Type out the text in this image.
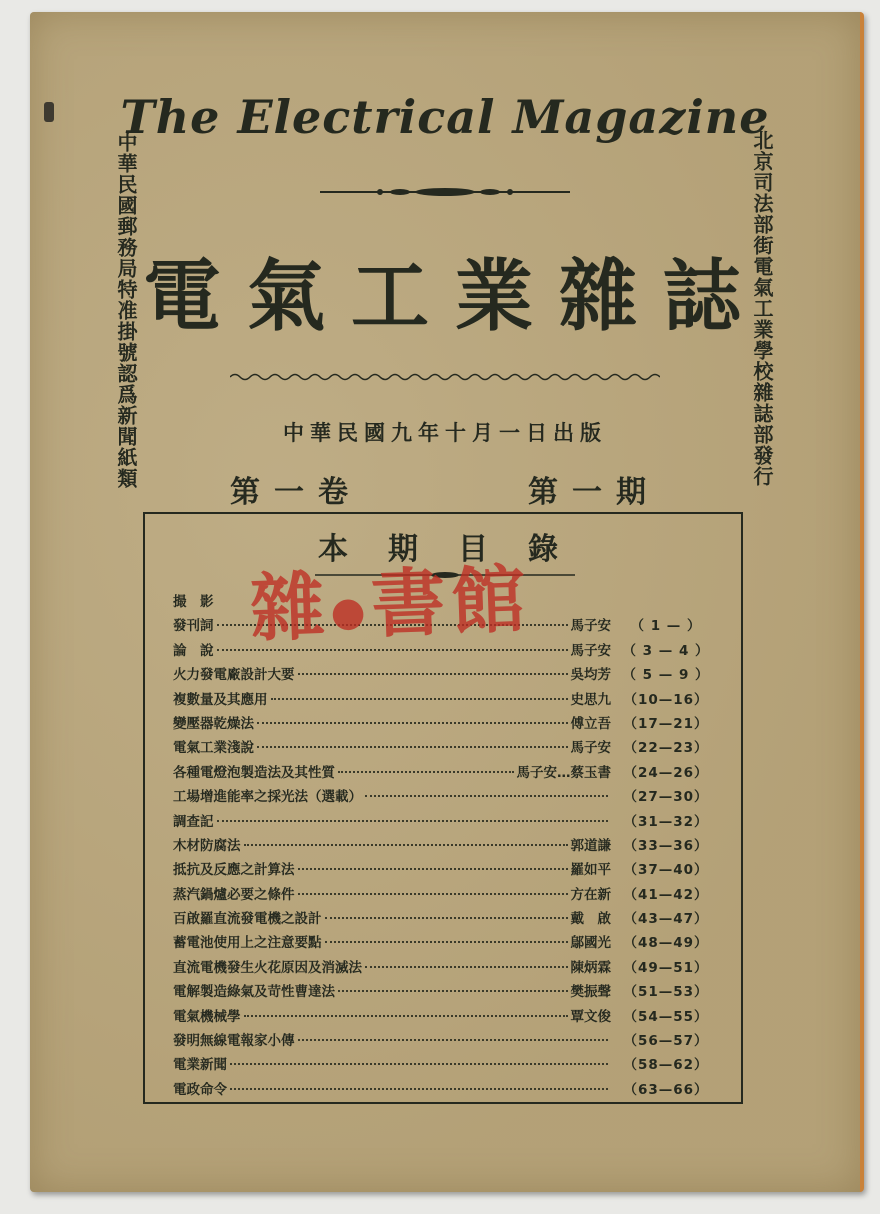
The Electrical Magazine
電氣工業雜誌
中華民國九年十月一日出版
第一卷	第一期
中華民國郵務局特准掛號認爲新聞紙類	北京司法部街電氣工業學校雜誌部發行
本期目錄
撮　影
發刊詞	馬子安	（ 1 — ）
論　說	馬子安 （ 3 — 4 ）
火力發電廠設計大要	吳均芳 （ 5 — 9 ）
複數量及其應用	史思九 （10—16）
變壓器乾燥法	傅立吾 （17—21）
電氣工業淺說	馬子安 （22—23）
各種電燈泡製造法及其性質	馬子安…蔡玉書 （24—26）
工場增進能率之採光法（選載）	（27—30）
調查記	（31—32）
木材防腐法	郭道謙 （33—36）
抵抗及反應之計算法	羅如平 （37—40）
蒸汽鍋爐必要之條件	方在新 （41—42）
百啟羅直流發電機之設計	戴　啟 （43—47）
蓄電池使用上之注意要點	鄔國光 （48—49）
直流電機發生火花原因及消滅法	陳炳霖 （49—51）
電解製造綠氣及苛性曹達法	樊振聲 （51—53）
電氣機械學	覃文俊 （54—55）
發明無線電報家小傳	（56—57）
電業新聞	（58—62）
電政命令	（63—66）
雜●書館
